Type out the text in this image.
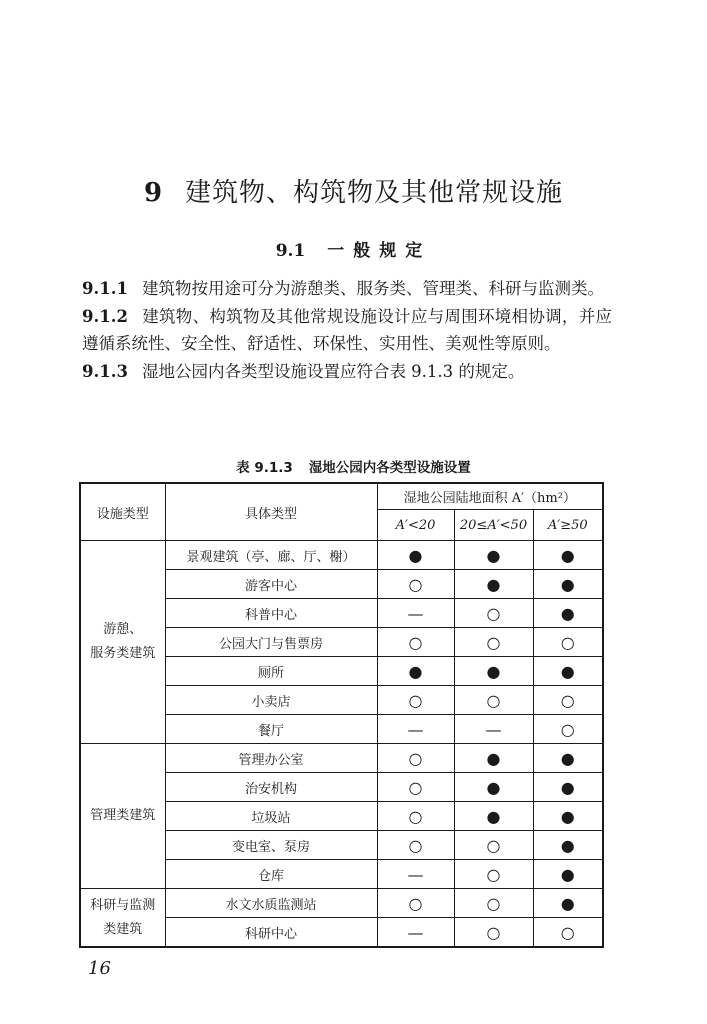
9 建筑物、构筑物及其他常规设施
9.1 一般规定

9.1.1 建筑物按用途可分为游憩类、服务类、管理类、科研与监测类。

9.1.2 建筑物、构筑物及其他常规设施设计应与周围环境相协调，并应遵循系统性、安全性、舒适性、环保性、实用性、美观性等原则。

9.1.3 湿地公园内各类型设施设置应符合表 9.1.3 的规定。

表 9.1.3 湿地公园内各类型设施设置
设施类型	具体类型	湿地公园陆地面积 A′（hm²）		
		A′<20	20≤A′<50	A′≥50
游憩、
服务类建筑	景观建筑（亭、廊、厅、榭）	●	●	●
	游客中心	○	●	●
	科普中心	—	○	●
	公园大门与售票房	○	○	○
	厕所	●	●	●
	小卖店	○	○	○
	餐厅	—	—	○
管理类建筑	管理办公室	○	●	●
	治安机构	○	●	●
	垃圾站	○	●	●
	变电室、泵房	○	○	●
	仓库	—	○	●
科研与监测
类建筑	水文水质监测站	○	○	●
	科研中心	—	○	○
16
